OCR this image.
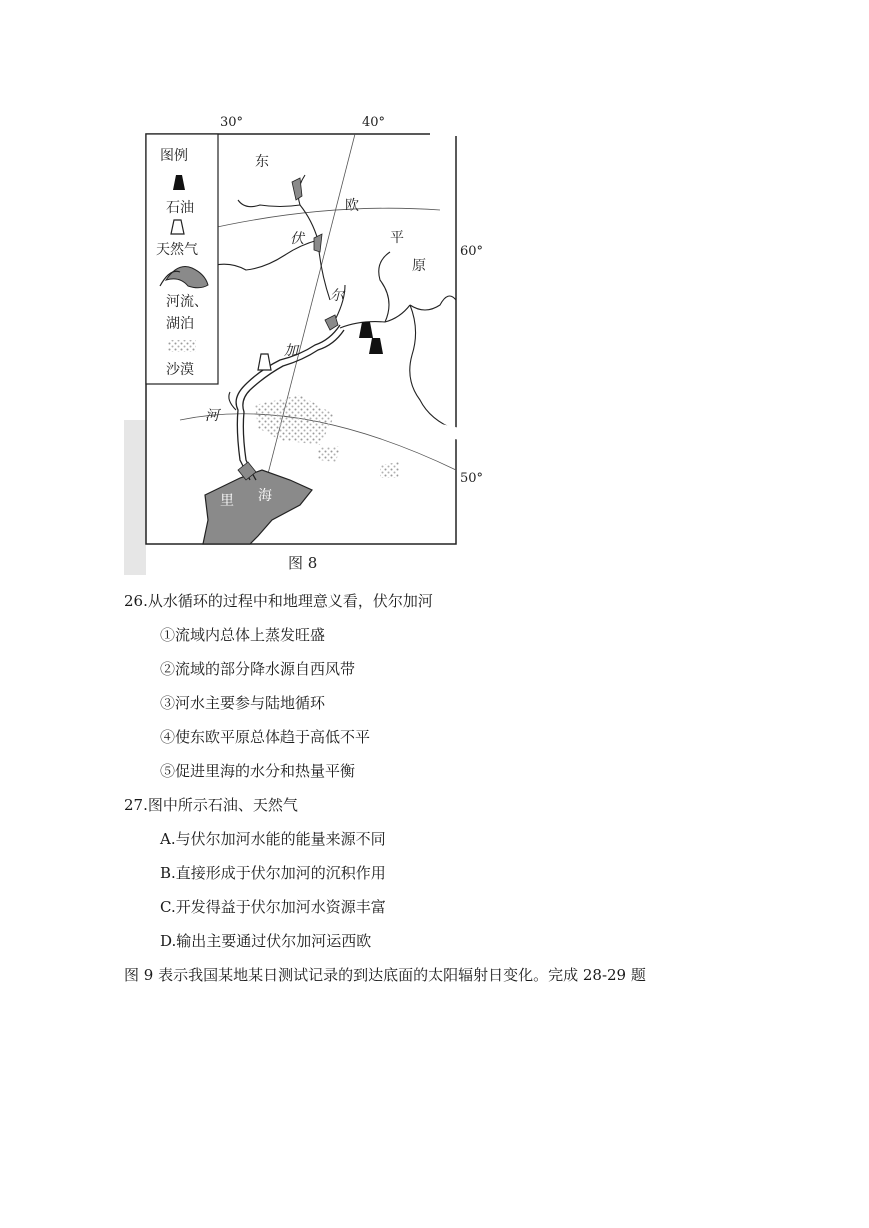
30°	40°
60°
50°
东
欧
平
原
伏
尔
加
河
里 海
图例
石油
天然气
河流、
湖泊
沙漠
图 8
26.从水循环的过程中和地理意义看，伏尔加河
①流域内总体上蒸发旺盛
②流域的部分降水源自西风带
③河水主要参与陆地循环
④使东欧平原总体趋于高低不平
⑤促进里海的水分和热量平衡
27.图中所示石油、天然气
A.与伏尔加河水能的能量来源不同
B.直接形成于伏尔加河的沉积作用
C.开发得益于伏尔加河水资源丰富
D.输出主要通过伏尔加河运西欧
图 9 表示我国某地某日测试记录的到达底面的太阳辐射日变化。完成 28-29 题
